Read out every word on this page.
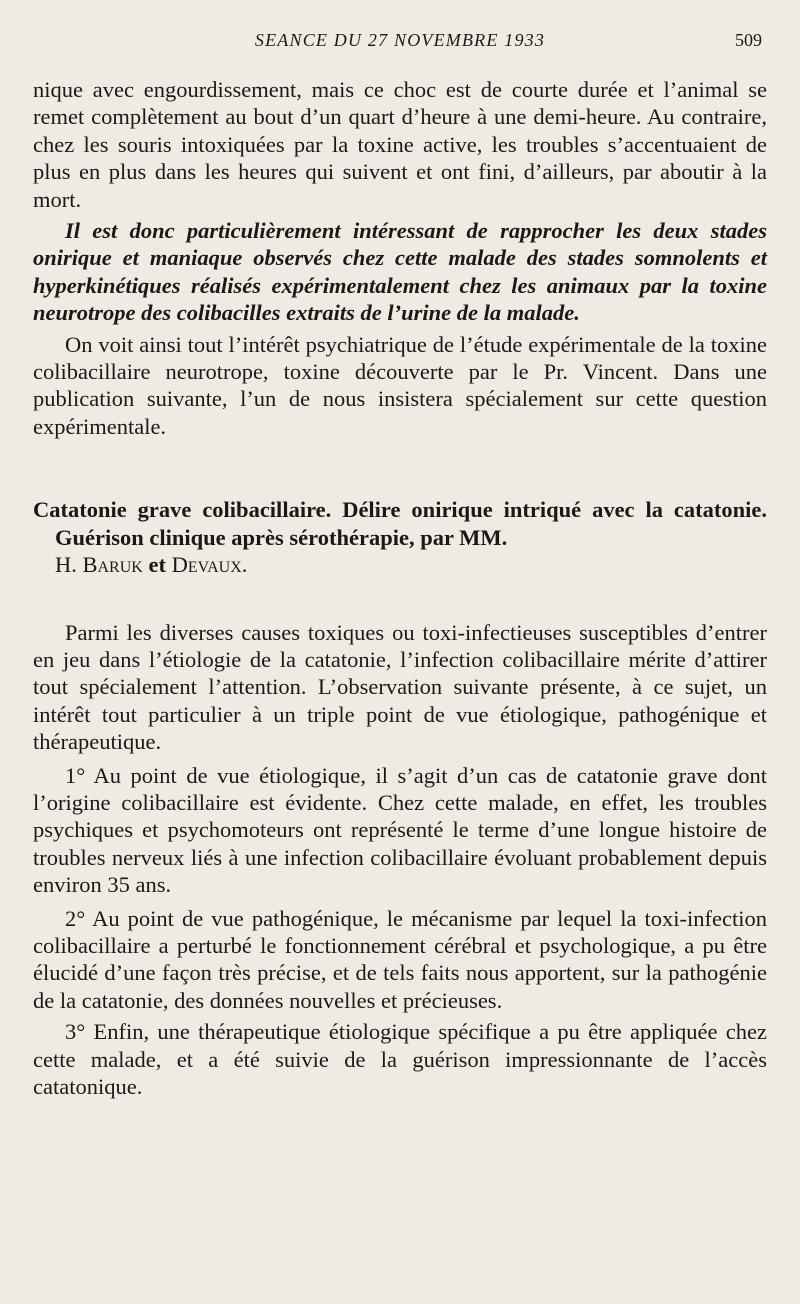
SEANCE DU 27 NOVEMBRE 1933	509

nique avec engourdissement, mais ce choc est de courte durée et l’animal se remet complètement au bout d’un quart d’heure à une demi-heure. Au contraire, chez les souris intoxiquées par la toxine active, les troubles s’accentuaient de plus en plus dans les heures qui suivent et ont fini, d’ailleurs, par aboutir à la mort.

Il est donc particulièrement intéressant de rapprocher les deux stades onirique et maniaque observés chez cette malade des stades somnolents et hyperkinétiques réalisés expérimentalement chez les animaux par la toxine neurotrope des colibacilles extraits de l’urine de la malade.

On voit ainsi tout l’intérêt psychiatrique de l’étude expérimentale de la toxine colibacillaire neurotrope, toxine découverte par le Pr. Vincent. Dans une publication suivante, l’un de nous insistera spécialement sur cette question expérimentale.

Catatonie grave colibacillaire. Délire onirique intriqué avec la catatonie. Guérison clinique après sérothérapie, par MM.
H. Baruk et Devaux.

Parmi les diverses causes toxiques ou toxi-infectieuses susceptibles d’entrer en jeu dans l’étiologie de la catatonie, l’infection colibacillaire mérite d’attirer tout spécialement l’attention. L’observation suivante présente, à ce sujet, un intérêt tout particulier à un triple point de vue étiologique, pathogénique et thérapeutique.

1° Au point de vue étiologique, il s’agit d’un cas de catatonie grave dont l’origine colibacillaire est évidente. Chez cette malade, en effet, les troubles psychiques et psychomoteurs ont représenté le terme d’une longue histoire de troubles nerveux liés à une infection colibacillaire évoluant probablement depuis environ 35 ans.

2° Au point de vue pathogénique, le mécanisme par lequel la toxi-infection colibacillaire a perturbé le fonctionnement cérébral et psychologique, a pu être élucidé d’une façon très précise, et de tels faits nous apportent, sur la pathogénie de la catatonie, des données nouvelles et précieuses.

3° Enfin, une thérapeutique étiologique spécifique a pu être appliquée chez cette malade, et a été suivie de la guérison impressionnante de l’accès catatonique.
